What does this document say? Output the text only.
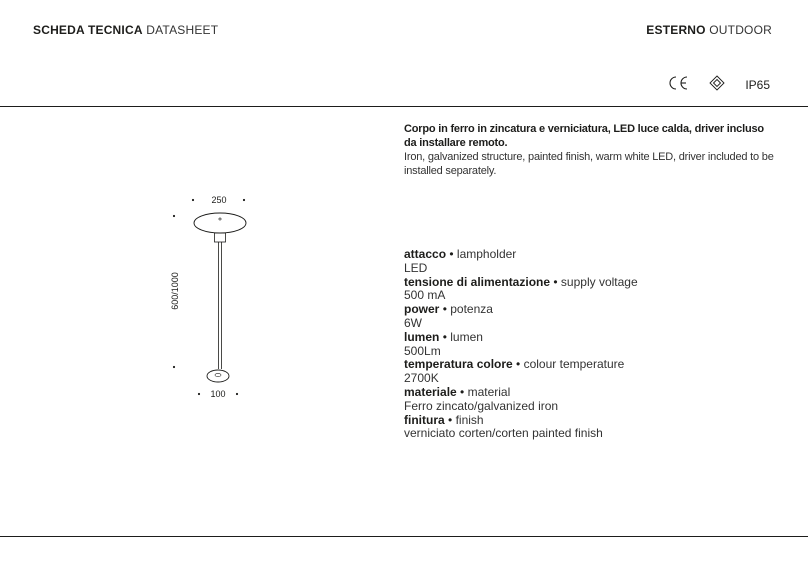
SCHEDA TECNICA DATASHEET	ESTERNO OUTDOOR
IP65
Corpo in ferro in zincatura e verniciatura, LED luce calda, driver incluso da installare remoto.
Iron, galvanized structure, painted finish, warm white LED, driver included to be installed separately.
250
600/1000
100
attacco • lampholder
LED
tensione di alimentazione • supply voltage
500 mA
power • potenza
6W
lumen • lumen
500Lm
temperatura colore • colour temperature
2700K
materiale • material
Ferro zincato/galvanized iron
finitura • finish
verniciato corten/corten painted finish
